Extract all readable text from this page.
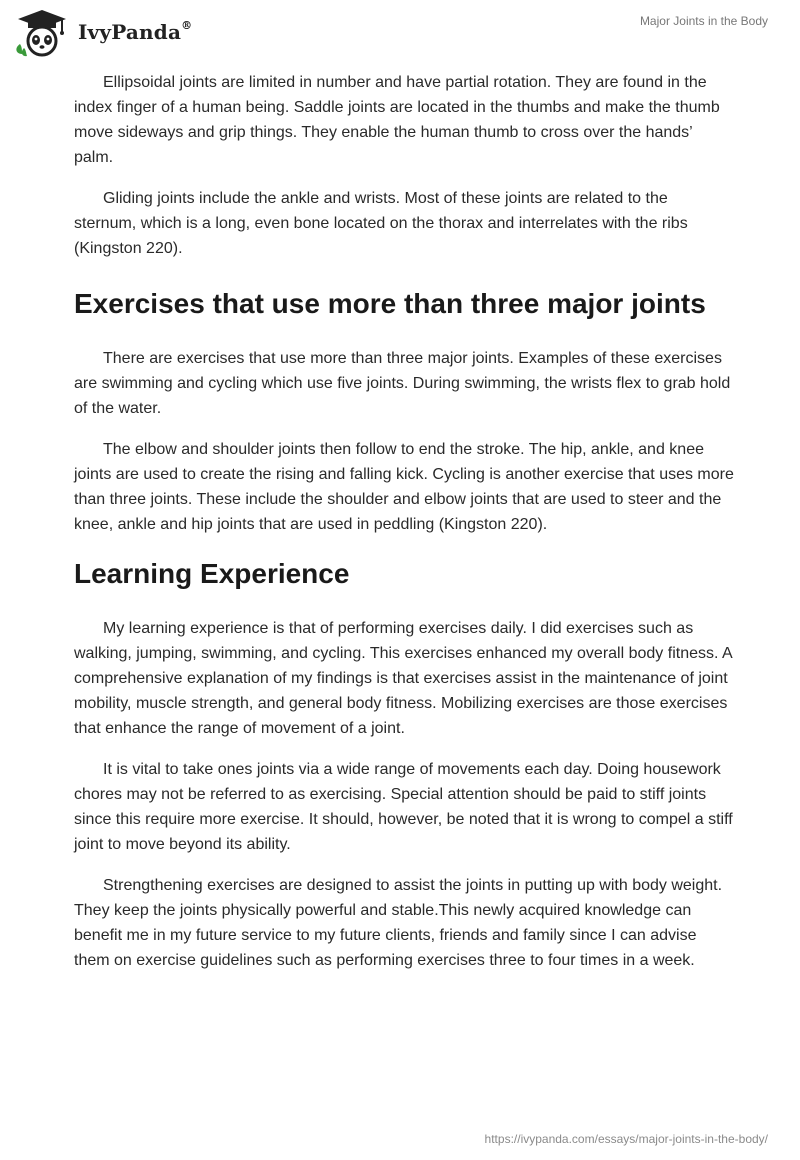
IvyPanda®	Major Joints in the Body

Ellipsoidal joints are limited in number and have partial rotation. They are found in the index finger of a human being. Saddle joints are located in the thumbs and make the thumb move sideways and grip things. They enable the human thumb to cross over the hands’ palm.

Gliding joints include the ankle and wrists. Most of these joints are related to the sternum, which is a long, even bone located on the thorax and interrelates with the ribs (Kingston 220).

Exercises that use more than three major joints

There are exercises that use more than three major joints. Examples of these exercises are swimming and cycling which use five joints. During swimming, the wrists flex to grab hold of the water.

The elbow and shoulder joints then follow to end the stroke. The hip, ankle, and knee joints are used to create the rising and falling kick. Cycling is another exercise that uses more than three joints. These include the shoulder and elbow joints that are used to steer and the knee, ankle and hip joints that are used in peddling (Kingston 220).

Learning Experience

My learning experience is that of performing exercises daily. I did exercises such as walking, jumping, swimming, and cycling. This exercises enhanced my overall body fitness. A comprehensive explanation of my findings is that exercises assist in the maintenance of joint mobility, muscle strength, and general body fitness. Mobilizing exercises are those exercises that enhance the range of movement of a joint.

It is vital to take ones joints via a wide range of movements each day. Doing housework chores may not be referred to as exercising. Special attention should be paid to stiff joints since this require more exercise. It should, however, be noted that it is wrong to compel a stiff joint to move beyond its ability.

Strengthening exercises are designed to assist the joints in putting up with body weight. They keep the joints physically powerful and stable.This newly acquired knowledge can benefit me in my future service to my future clients, friends and family since I can advise them on exercise guidelines such as performing exercises three to four times in a week.

https://ivypanda.com/essays/major-joints-in-the-body/
